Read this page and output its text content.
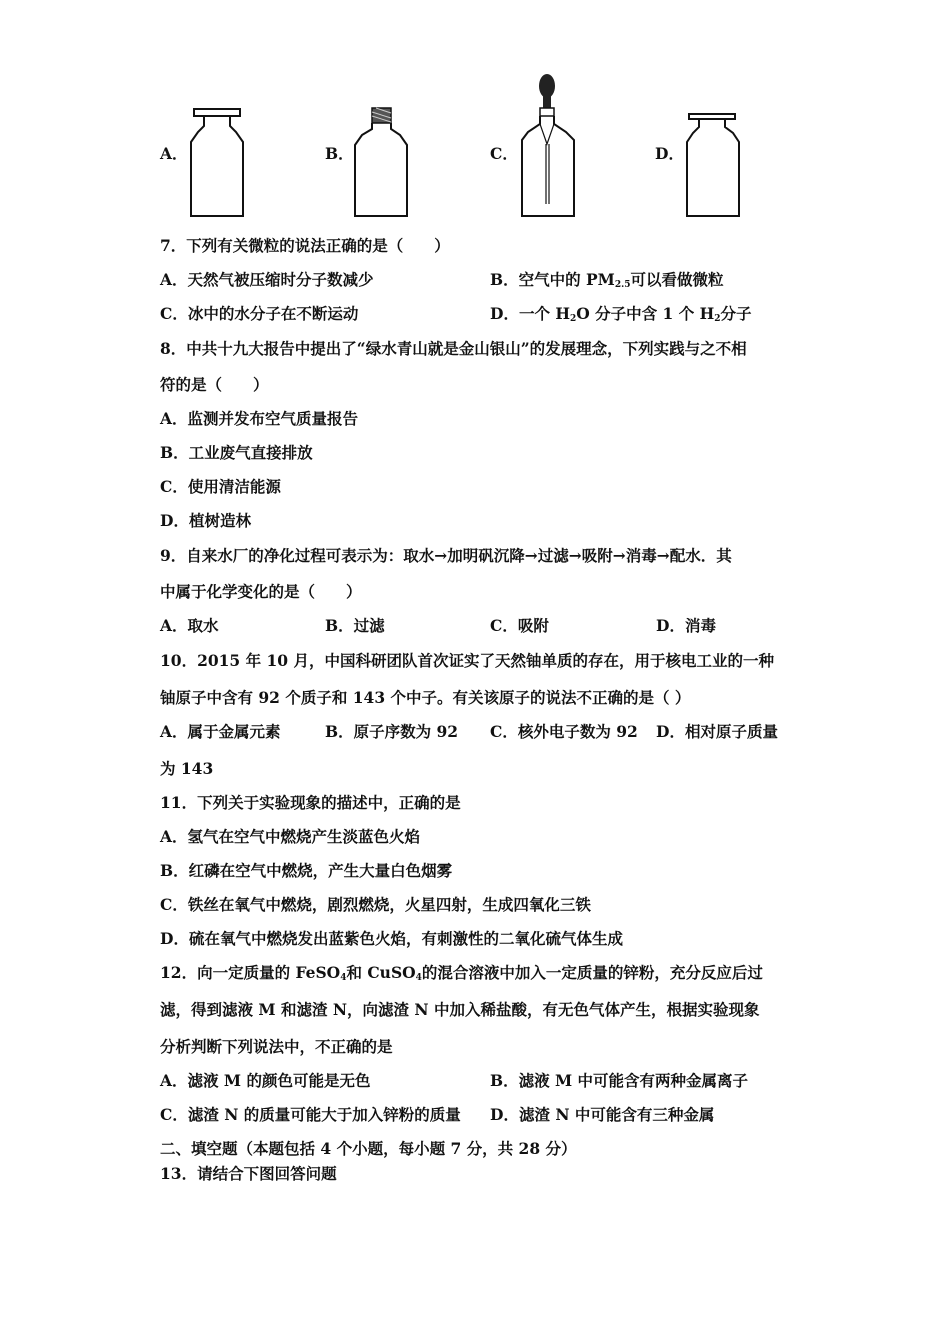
A．	B．	C．	D．
7．下列有关微粒的说法正确的是（　　）
A．天然气被压缩时分子数减少	B．空气中的 $PM_{2.5}$可以看做微粒
C．冰中的水分子在不断运动	D．一个 $H_2O$ 分子中含 1 个 $H_2$分子
8．中共十九大报告中提出了“绿水青山就是金山银山”的发展理念，下列实践与之不相
符的是（　　）
A．监测并发布空气质量报告
B．工业废气直接排放
C．使用清洁能源
D．植树造林
9．自来水厂的净化过程可表示为：取水→加明矾沉降→过滤→吸附→消毒→配水．其
中属于化学变化的是（　　）
A．取水	B．过滤	C．吸附	D．消毒
10．2015 年 10 月，中国科研团队首次证实了天然铀单质的存在，用于核电工业的一种
铀原子中含有 92 个质子和 143 个中子。有关该原子的说法不正确的是（ ）
A．属于金属元素	B．原子序数为 92 C．核外电子数为 92 D．相对原子质量
为 143
11．下列关于实验现象的描述中，正确的是
A．氢气在空气中燃烧产生淡蓝色火焰
B．红磷在空气中燃烧，产生大量白色烟雾
C．铁丝在氧气中燃烧，剧烈燃烧，火星四射，生成四氧化三铁
D．硫在氧气中燃烧发出蓝紫色火焰，有刺激性的二氧化硫气体生成
12．向一定质量的 FeSO$_4$和 CuSO$_4$的混合溶液中加入一定质量的锌粉，充分反应后过
滤，得到滤液 M 和滤渣 N，向滤渣 N 中加入稀盐酸，有无色气体产生，根据实验现象
分析判断下列说法中，不正确的是
A．滤液 M 的颜色可能是无色	B．滤液 M 中可能含有两种金属离子
C．滤渣 N 的质量可能大于加入锌粉的质量 D．滤渣 N 中可能含有三种金属
二、填空题（本题包括 4 个小题，每小题 7 分，共 28 分）
13．请结合下图回答问题
